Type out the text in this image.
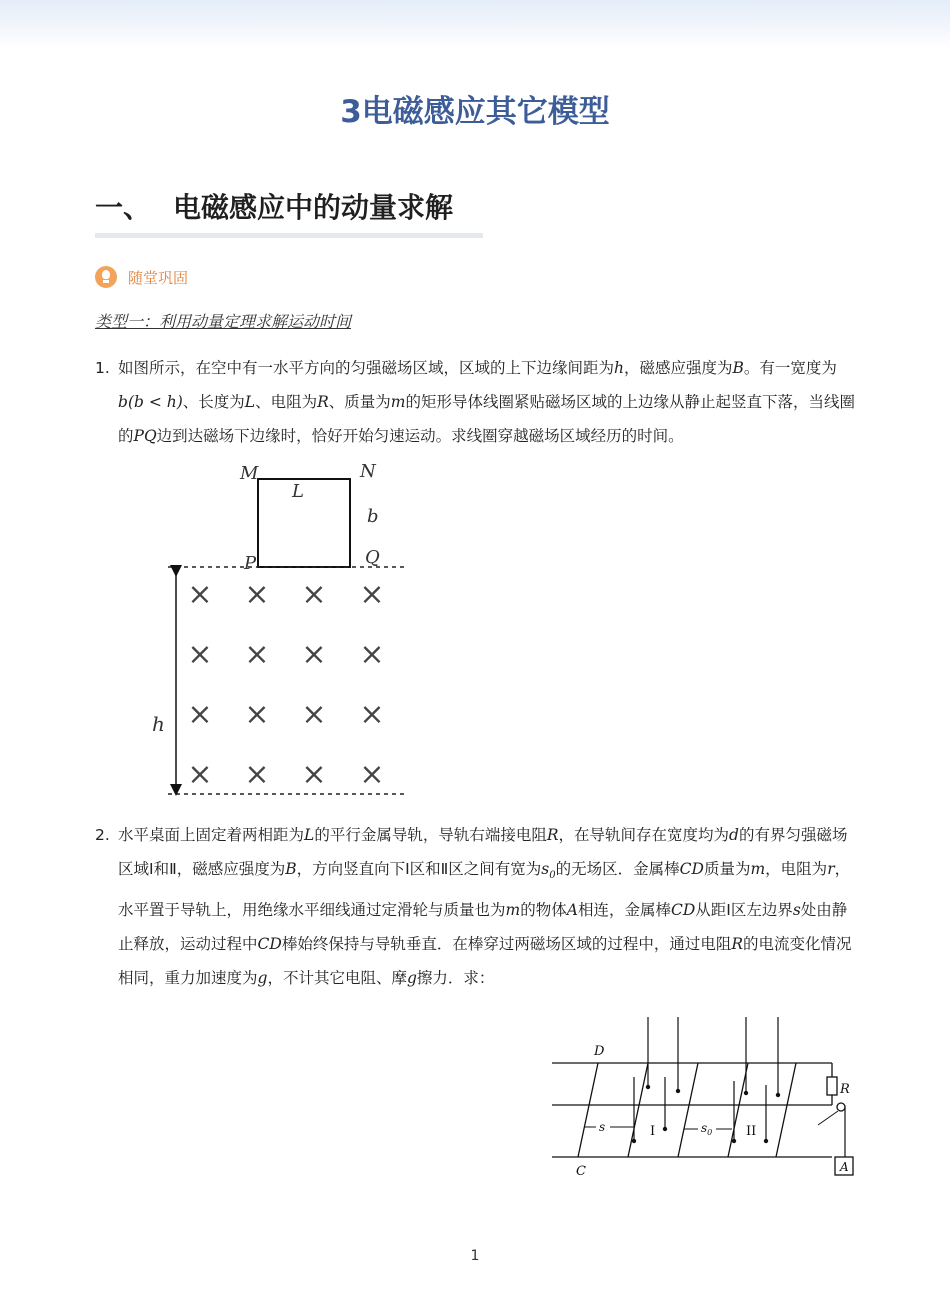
3电磁感应其它模型
一、 电磁感应中的动量求解
随堂巩固
类型一：利用动量定理求解运动时间
1. 如图所示，在空中有一水平方向的匀强磁场区域，区域的上下边缘间距为h，磁感应强度为B。有一宽度为b(b < h)、长度为L、电阻为R、质量为m的矩形导体线圈紧贴磁场区域的上边缘从静止起竖直下落，当线圈的PQ边到达磁场下边缘时，恰好开始匀速运动。求线圈穿越磁场区域经历的时间。
M	N
L
b
P	Q
h
× × × ×
× × × ×
× × × ×
× × × ×
2. 水平桌面上固定着两相距为L的平行金属导轨，导轨右端接电阻R，在导轨间存在宽度均为d的有界匀强磁场区域Ⅰ和Ⅱ，磁感应强度为B，方向竖直向下Ⅰ区和Ⅱ区之间有宽为$s_0$的无场区．金属棒CD质量为m，电阻为r，水平置于导轨上，用绝缘水平细线通过定滑轮与质量也为m的物体A相连，金属棒CD从距Ⅰ区左边界s处由静止释放，运动过程中CD棒始终保持与导轨垂直．在棒穿过两磁场区域的过程中，通过电阻R的电流变化情况相同，重力加速度为g，不计其它电阻、摩g擦力．求：
D
C
s	I	$s_0$	II
R
A
1
